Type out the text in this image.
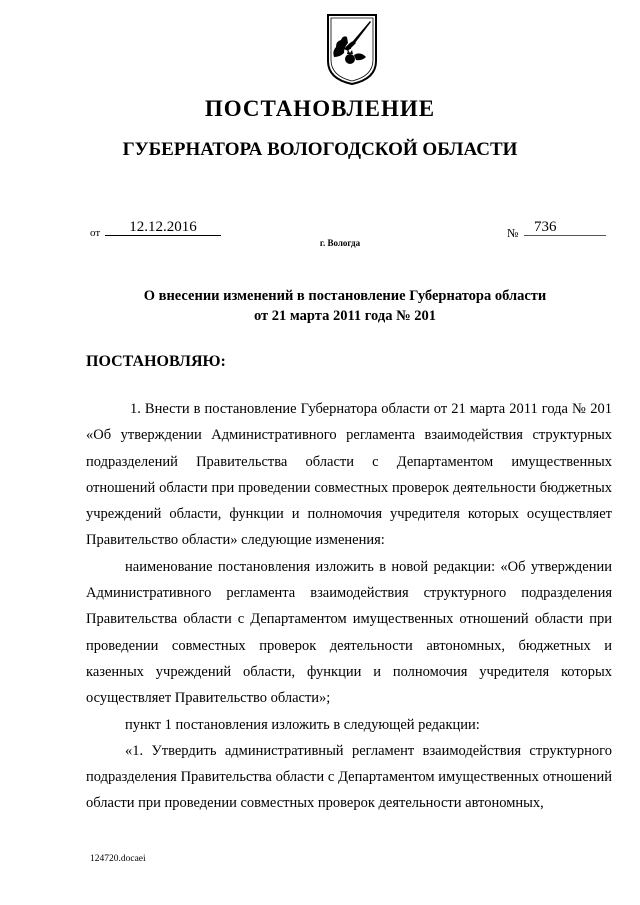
ПОСТАНОВЛЕНИЕ
ГУБЕРНАТОРА ВОЛОГОДСКОЙ ОБЛАСТИ
от	12.12.2016	№	736
г. Вологда
О внесении изменений в постановление Губернатора области
от 21 марта 2011 года № 201
ПОСТАНОВЛЯЮ:

1. Внести в постановление Губернатора области от 21 марта 2011 года № 201 «Об утверждении Административного регламента взаимодействия структурных подразделений Правительства области с Департаментом имущественных отношений области при проведении совместных проверок деятельности бюджетных учреждений области, функции и полномочия учредителя которых осуществляет Правительство области» следующие изменения:

наименование постановления изложить в новой редакции: «Об утверждении Административного регламента взаимодействия структурного подразделения Правительства области с Департаментом имущественных отношений области при проведении совместных проверок деятельности автономных, бюджетных и казенных учреждений области, функции и полномочия учредителя которых осуществляет Правительство области»;

пункт 1 постановления изложить в следующей редакции:

«1. Утвердить административный регламент взаимодействия структурного подразделения Правительства области с Департаментом имущественных отношений области при проведении совместных проверок деятельности автономных,

124720.docaei
